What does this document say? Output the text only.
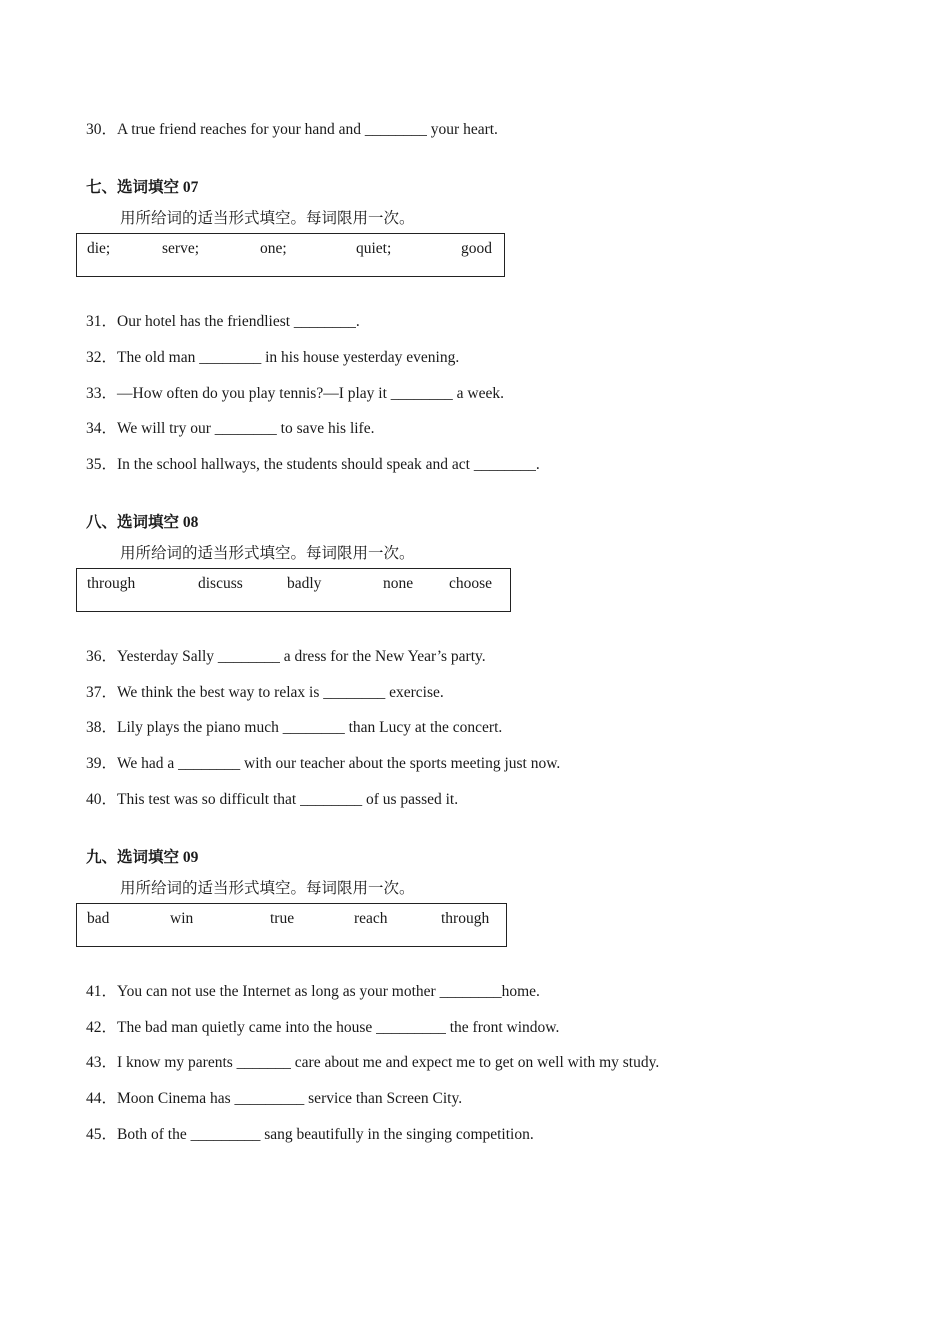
30．A true friend reaches for your hand and ________ your heart.
七、选词填空 07
用所给词的适当形式填空。每词限用一次。
die;	serve;	one;	quiet;	good
31．Our hotel has the friendliest ________.
32．The old man ________ in his house yesterday evening.
33．—How often do you play tennis?—I play it ________ a week.
34．We will try our ________ to save his life.
35．In the school hallways, the students should speak and act ________.
八、选词填空 08
用所给词的适当形式填空。每词限用一次。
through	discuss	badly	none choose
36．Yesterday Sally ________ a dress for the New Year’s party.
37．We think the best way to relax is ________ exercise.
38．Lily plays the piano much ________ than Lucy at the concert.
39．We had a ________ with our teacher about the sports meeting just now.
40．This test was so difficult that ________ of us passed it.
九、选词填空 09
用所给词的适当形式填空。每词限用一次。
bad	win	true	reach	through
41．You can not use the Internet as long as your mother ________home.
42．The bad man quietly came into the house _________ the front window.
43．I know my parents _______ care about me and expect me to get on well with my study.
44．Moon Cinema has _________ service than Screen City.
45．Both of the _________ sang beautifully in the singing competition.
